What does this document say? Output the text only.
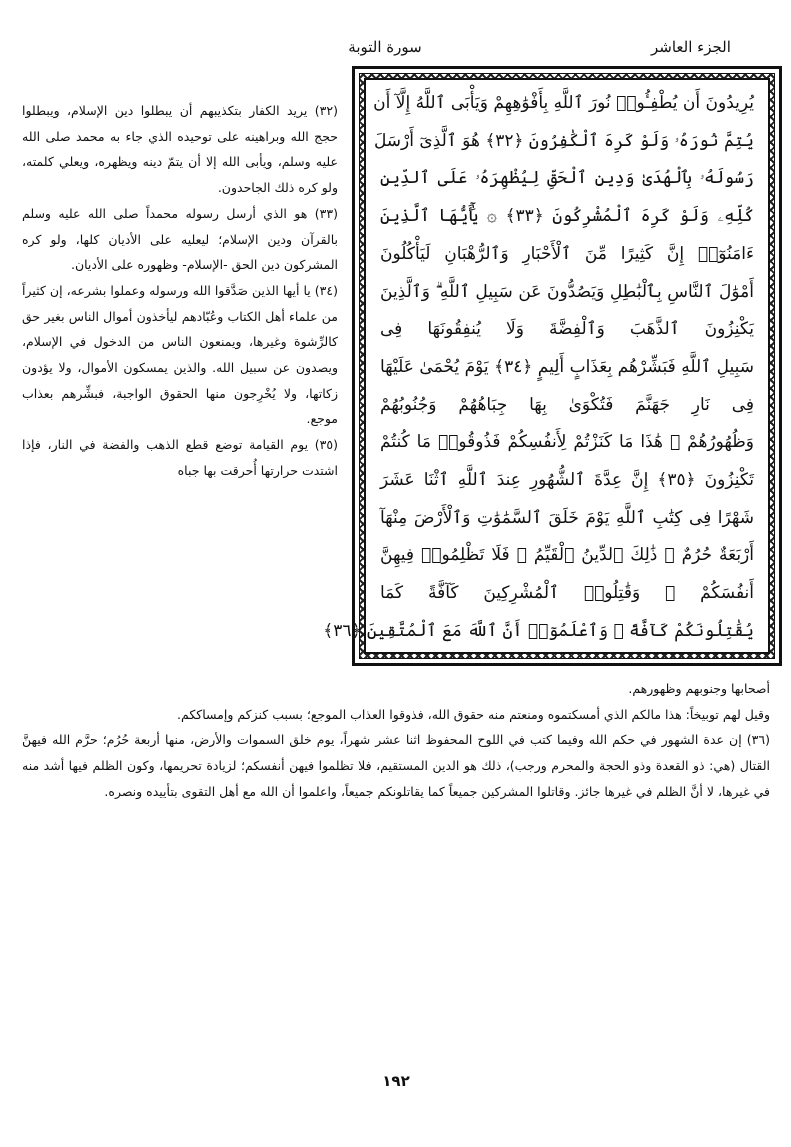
الجزء العاشر
سورة التوبة
يُرِيدُونَ أَن يُطْفِـُٔوا۟ نُورَ ٱللَّهِ بِأَفْوَٰهِهِمْ وَيَأْبَى ٱللَّهُ إِلَّآ أَن
يُتِمَّ نُورَهُۥ وَلَوْ كَرِهَ ٱلْكَٰفِرُونَ ﴿٣٢﴾ هُوَ ٱلَّذِىٓ أَرْسَلَ
رَسُولَهُۥ بِٱلْهُدَىٰ وَدِينِ ٱلْحَقِّ لِيُظْهِرَهُۥ عَلَى ٱلدِّينِ
كُلِّهِۦ وَلَوْ كَرِهَ ٱلْمُشْرِكُونَ ﴿٣٣﴾ ۞ يَٰٓأَيُّهَا ٱلَّذِينَ
ءَامَنُوٓا۟ إِنَّ كَثِيرًا مِّنَ ٱلْأَحْبَارِ وَٱلرُّهْبَانِ لَيَأْكُلُونَ
أَمْوَٰلَ ٱلنَّاسِ بِٱلْبَٰطِلِ وَيَصُدُّونَ عَن سَبِيلِ ٱللَّهِ ۗ وَٱلَّذِينَ
يَكْنِزُونَ ٱلذَّهَبَ وَٱلْفِضَّةَ وَلَا يُنفِقُونَهَا فِى
سَبِيلِ ٱللَّهِ فَبَشِّرْهُم بِعَذَابٍ أَلِيمٍ ﴿٣٤﴾ يَوْمَ يُحْمَىٰ عَلَيْهَا
فِى نَارِ جَهَنَّمَ فَتُكْوَىٰ بِهَا جِبَاهُهُمْ وَجُنُوبُهُمْ
وَظُهُورُهُمْ ۖ هَٰذَا مَا كَنَزْتُمْ لِأَنفُسِكُمْ فَذُوقُوا۟ مَا كُنتُمْ
تَكْنِزُونَ ﴿٣٥﴾ إِنَّ عِدَّةَ ٱلشُّهُورِ عِندَ ٱللَّهِ ٱثْنَا عَشَرَ
شَهْرًا فِى كِتَٰبِ ٱللَّهِ يَوْمَ خَلَقَ ٱلسَّمَٰوَٰتِ وَٱلْأَرْضَ مِنْهَآ
أَرْبَعَةٌ حُرُمٌ ۚ ذَٰلِكَ ٱلدِّينُ ٱلْقَيِّمُ ۚ فَلَا تَظْلِمُوا۟ فِيهِنَّ
أَنفُسَكُمْ ۚ وَقَٰتِلُوا۟ ٱلْمُشْرِكِينَ كَآفَّةً كَمَا
يُقَٰتِلُونَكُمْ كَآفَّةً ۚ وَٱعْلَمُوٓا۟ أَنَّ ٱللَّهَ مَعَ ٱلْمُتَّقِينَ ﴿٣٦﴾

(٣٢) يريد الكفار بتكذيبهم أن يبطلوا دين الإسلام، ويبطلوا حجج الله وبراهينه على توحيده الذي جاء به محمد صلى الله عليه وسلم، ويأبى الله إلا أن يتمّ دينه ويظهره، ويعلي كلمته، ولو كره ذلك الجاحدون.

(٣٣) هو الذي أرسل رسوله محمداً صلى الله عليه وسلم بالقرآن ودين الإسلام؛ ليعليه على الأديان كلها، ولو كره المشركون دين الحق -الإسلام- وظهوره على الأديان.

(٣٤) يا أيها الذين صَدَّقوا الله ورسوله وعملوا بشرعه، إن كثيراً من علماء أهل الكتاب وعُبّادهم ليأخذون أموال الناس بغير حق كالرِّشوة وغيرها، ويمنعون الناس من الدخول في الإسلام، ويصدون عن سبيل الله. والذين يمسكون الأموال، ولا يؤدون زكاتها، ولا يُخْرِجون منها الحقوق الواجبة، فبشِّرهم بعذاب موجع.

(٣٥) يوم القيامة توضع قطع الذهب والفضة في النار، فإذا اشتدت حرارتها أُحرقت بها جباه

أصحابها وجنوبهم وظهورهم.

وقيل لهم توبيخاً: هذا مالكم الذي أمسكتموه ومنعتم منه حقوق الله، فذوقوا العذاب الموجع؛ بسبب كنزكم وإمساككم.

(٣٦) إن عدة الشهور في حكم الله وفيما كتب في اللوح المحفوظ اثنا عشر شهراً، يوم خلق السموات والأرض، منها أربعة حُرُم؛ حرَّم الله فيهنَّ القتال (هي: ذو القعدة وذو الحجة والمحرم ورجب)، ذلك هو الدين المستقيم، فلا تظلموا فيهن أنفسكم؛ لزيادة تحريمها، وكون الظلم فيها أشد منه في غيرها، لا أنَّ الظلم في غيرها جائز. وقاتلوا المشركين جميعاً كما يقاتلونكم جميعاً، واعلموا أن الله مع أهل التقوى بتأييده ونصره.

١٩٢
